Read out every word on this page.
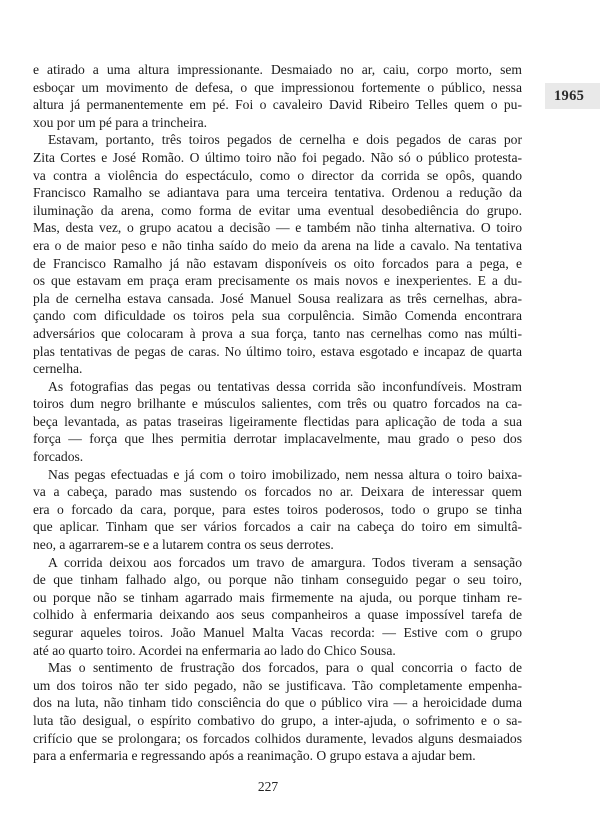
1965
e atirado a uma altura impressionante. Desmaiado no ar, caiu, corpo morto, sem
esboçar um movimento de defesa, o que impressionou fortemente o público, nessa
altura já permanentemente em pé. Foi o cavaleiro David Ribeiro Telles quem o pu-
xou por um pé para a trincheira.
Estavam, portanto, três toiros pegados de cernelha e dois pegados de caras por
Zita Cortes e José Romão. O último toiro não foi pegado. Não só o público protesta-
va contra a violência do espectáculo, como o director da corrida se opôs, quando
Francisco Ramalho se adiantava para uma terceira tentativa. Ordenou a redução da
iluminação da arena, como forma de evitar uma eventual desobediência do grupo.
Mas, desta vez, o grupo acatou a decisão — e também não tinha alternativa. O toiro
era o de maior peso e não tinha saído do meio da arena na lide a cavalo. Na tentativa
de Francisco Ramalho já não estavam disponíveis os oito forcados para a pega, e
os que estavam em praça eram precisamente os mais novos e inexperientes. E a du-
pla de cernelha estava cansada. José Manuel Sousa realizara as três cernelhas, abra-
çando com dificuldade os toiros pela sua corpulência. Simão Comenda encontrara
adversários que colocaram à prova a sua força, tanto nas cernelhas como nas múlti-
plas tentativas de pegas de caras. No último toiro, estava esgotado e incapaz de quarta
cernelha.
As fotografias das pegas ou tentativas dessa corrida são inconfundíveis. Mostram
toiros dum negro brilhante e músculos salientes, com três ou quatro forcados na ca-
beça levantada, as patas traseiras ligeiramente flectidas para aplicação de toda a sua
força — força que lhes permitia derrotar implacavelmente, mau grado o peso dos
forcados.
Nas pegas efectuadas e já com o toiro imobilizado, nem nessa altura o toiro baixa-
va a cabeça, parado mas sustendo os forcados no ar. Deixara de interessar quem
era o forcado da cara, porque, para estes toiros poderosos, todo o grupo se tinha
que aplicar. Tinham que ser vários forcados a cair na cabeça do toiro em simultâ-
neo, a agarrarem-se e a lutarem contra os seus derrotes.
A corrida deixou aos forcados um travo de amargura. Todos tiveram a sensação
de que tinham falhado algo, ou porque não tinham conseguido pegar o seu toiro,
ou porque não se tinham agarrado mais firmemente na ajuda, ou porque tinham re-
colhido à enfermaria deixando aos seus companheiros a quase impossível tarefa de
segurar aqueles toiros. João Manuel Malta Vacas recorda: — Estive com o grupo
até ao quarto toiro. Acordei na enfermaria ao lado do Chico Sousa.
Mas o sentimento de frustração dos forcados, para o qual concorria o facto de
um dos toiros não ter sido pegado, não se justificava. Tão completamente empenha-
dos na luta, não tinham tido consciência do que o público vira — a heroicidade duma
luta tão desigual, o espírito combativo do grupo, a inter-ajuda, o sofrimento e o sa-
crifício que se prolongara; os forcados colhidos duramente, levados alguns desmaiados
para a enfermaria e regressando após a reanimação. O grupo estava a ajudar bem.
227
